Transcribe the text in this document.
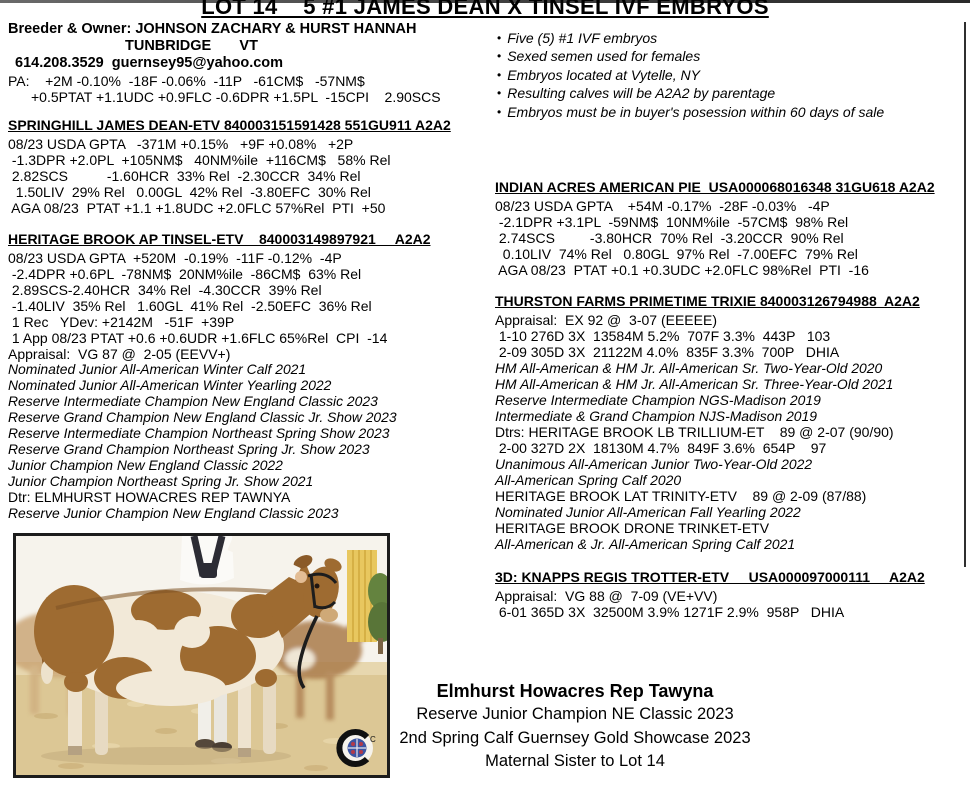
LOT 14    5 #1 JAMES DEAN X TINSEL IVF EMBRYOS
Breeder & Owner: JOHNSON ZACHARY & HURST HANNAH
TUNBRIDGE       VT
614.208.3529 guernsey95@yahoo.com
PA:    +2M -0.10%  -18F -0.06%  -11P   -61CM$   -57NM$
+0.5PTAT +1.1UDC +0.9FLC -0.6DPR +1.5PL  -15CPI    2.90SCS
• Five (5) #1 IVF embryos
• Sexed semen used for females
• Embryos located at Vytelle, NY
• Resulting calves will be A2A2 by parentage
• Embryos must be in buyer's posession within 60 days of sale
SPRINGHILL JAMES DEAN-ETV 840003151591428 551GU911 A2A2
08/23 USDA GPTA   -371M +0.15%   +9F +0.08%   +2P
-1.3DPR +2.0PL  +105NM$   40NM%ile  +116CM$   58% Rel
2.82SCS          -1.60HCR  33% Rel  -2.30CCR  34% Rel
1.50LIV  29% Rel   0.00GL  42% Rel  -3.80EFC  30% Rel
AGA 08/23  PTAT +1.1 +1.8UDC +2.0FLC 57%Rel  PTI  +50
HERITAGE BROOK AP TINSEL-ETV    840003149897921     A2A2
08/23 USDA GPTA  +520M  -0.19%  -11F -0.12%  -4P
-2.4DPR +0.6PL  -78NM$  20NM%ile  -86CM$  63% Rel
2.89SCS-2.40HCR  34% Rel  -4.30CCR  39% Rel
-1.40LIV  35% Rel   1.60GL  41% Rel  -2.50EFC  36% Rel
1 Rec   YDev: +2142M   -51F  +39P
1 App 08/23 PTAT +0.6 +0.6UDR +1.6FLC 65%Rel  CPI  -14
Appraisal:  VG 87 @  2-05 (EEVV+)
Nominated Junior All-American Winter Calf 2021
Nominated Junior All-American Winter Yearling 2022
Reserve Intermediate Champion New England Classic 2023
Reserve Grand Champion New England Classic Jr. Show 2023
Reserve Intermediate Champion Northeast Spring Show 2023
Reserve Grand Champion Northeast Spring Jr. Show 2023
Junior Champion New England Classic 2022
Junior Champion Northeast Spring Jr. Show 2021
Dtr: ELMHURST HOWACRES REP TAWNYA
Reserve Junior Champion New England Classic 2023
INDIAN ACRES AMERICAN PIE  USA000068016348 31GU618 A2A2
08/23 USDA GPTA    +54M -0.17%  -28F -0.03%   -4P
-2.1DPR +3.1PL  -59NM$  10NM%ile  -57CM$  98% Rel
2.74SCS         -3.80HCR  70% Rel  -3.20CCR  90% Rel
0.10LIV  74% Rel   0.80GL  97% Rel  -7.00EFC  79% Rel
AGA 08/23  PTAT +0.1 +0.3UDC +2.0FLC 98%Rel  PTI  -16
THURSTON FARMS PRIMETIME TRIXIE 840003126794988  A2A2
Appraisal:  EX 92 @  3-07 (EEEEE)
1-10 276D 3X  13584M 5.2%  707F 3.3%  443P   103
2-09 305D 3X  21122M 4.0%  835F 3.3%  700P   DHIA
HM All-American & HM Jr. All-American Sr. Two-Year-Old 2020
HM All-American & HM Jr. All-American Sr. Three-Year-Old 2021
Reserve Intermediate Champion NGS-Madison 2019
Intermediate & Grand Champion NJS-Madison 2019
Dtrs: HERITAGE BROOK LB TRILLIUM-ET    89 @ 2-07 (90/90)
2-00 327D 2X  18130M 4.7%  849F 3.6%  654P    97
Unanimous All-American Junior Two-Year-Old 2022
All-American Spring Calf 2020
HERITAGE BROOK LAT TRINITY-ETV    89 @ 2-09 (87/88)
Nominated Junior All-American Fall Yearling 2022
HERITAGE BROOK DRONE TRINKET-ETV
All-American & Jr. All-American Spring Calf 2021
3D: KNAPPS REGIS TROTTER-ETV     USA000097000111     A2A2
Appraisal:  VG 88 @  7-09 (VE+VV)
6-01 365D 3X  32500M 3.9% 1271F 2.9%  958P   DHIA
C
Elmhurst Howacres Rep Tawyna
Reserve Junior Champion NE Classic 2023
2nd Spring Calf Guernsey Gold Showcase 2023
Maternal Sister to Lot 14
